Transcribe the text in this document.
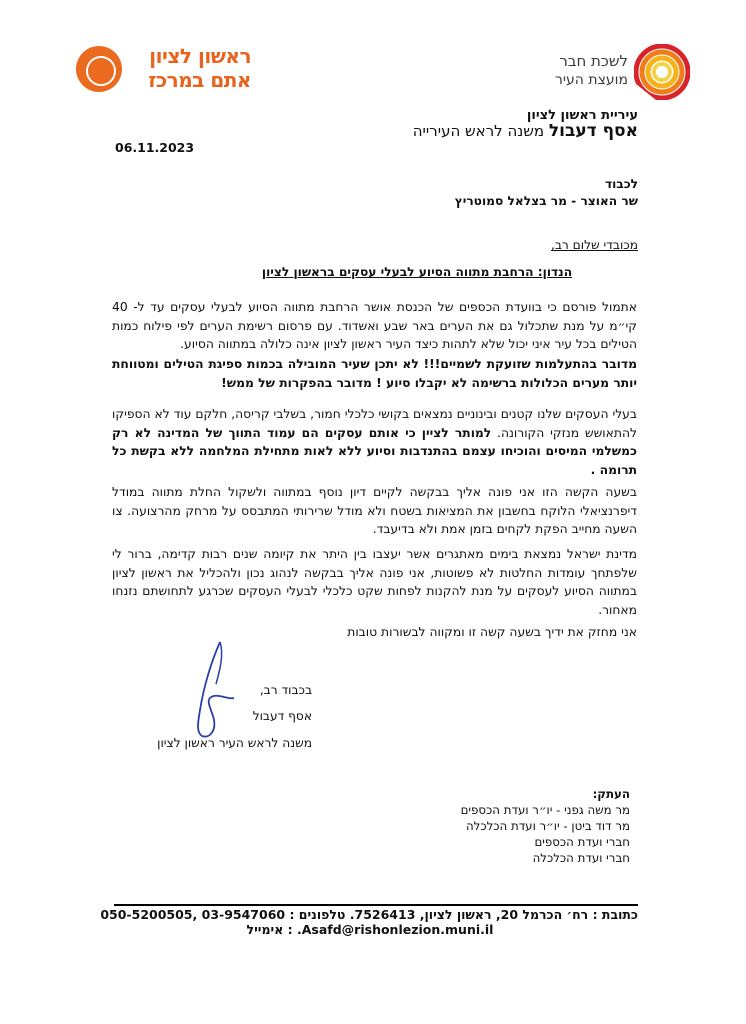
ראשון לציון
אתם במרכז
לשכת חבר
מועצת העיר
עיריית ראשון לציון
אסף דעבול משנה לראש העירייה
06.11.2023
לכבוד
שר האוצר - מר בצלאל סמוטריץ
מכובדי שלום רב,
הנדון: הרחבת מתווה הסיוע לבעלי עסקים בראשון לציון
אתמול פורסם כי בוועדת הכספים של הכנסת אושר הרחבת מתווה הסיוע לבעלי עסקים עד ל- 40 קי״מ על מנת שתכלול גם את הערים באר שבע ואשדוד. עם פרסום רשימת הערים לפי פילוח כמות הטילים בכל עיר איני יכול שלא לתהות כיצד העיר ראשון לציון אינה כלולה במתווה הסיוע.
מדובר בהתעלמות שזועקת לשמיים!!! לא יתכן שעיר המובילה בכמות ספיגת הטילים ומטווחת יותר מערים הכלולות ברשימה לא יקבלו סיוע ! מדובר בהפקרות של ממש!
בעלי העסקים שלנו קטנים ובינוניים נמצאים בקושי כלכלי חמור, בשלבי קריסה, חלקם עוד לא הספיקו להתאושש מנזקי הקורונה. למותר לציין כי אותם עסקים הם עמוד התווך של המדינה לא רק כמשלמי המיסים והוכיחו עצמם בהתנדבות וסיוע ללא לאות מתחילת המלחמה ללא בקשת כל תרומה .
בשעה הקשה הזו אני פונה אליך בבקשה לקיים דיון נוסף במתווה ולשקול החלת מתווה במודל דיפרנציאלי הלוקח בחשבון את המציאות בשטח ולא מודל שרירותי המתבסס על מרחק מהרצועה. צו השעה מחייב הפקת לקחים בזמן אמת ולא בדיעבד.
מדינת ישראל נמצאת בימים מאתגרים אשר יעצבו בין היתר את קיומה שנים רבות קדימה, ברור לי שלפתחך עומדות החלטות לא פשוטות, אני פונה אליך בבקשה לנהוג נכון ולהכליל את ראשון לציון במתווה הסיוע לעסקים על מנת להקנות לפחות שקט כלכלי לבעלי העסקים שכרגע לתחושתם נזנחו מאחור.
אני מחזק את ידיך בשעה קשה זו ומקווה לבשורות טובות
בכבוד רב,
אסף דעבול
משנה לראש העיר ראשון לציון
העתק:
מר משה גפני - יו״ר ועדת הכספים
מר דוד ביטן - יו״ר ועדת הכלכלה
חברי ועדת הכספים
חברי ועדת הכלכלה
כתובת : רח׳ הכרמל 20, ראשון לציון, 7526413. טלפונים : 03-9547060 ,050-5200505
Asafd@rishonlezion.muni.il. : אימייל
